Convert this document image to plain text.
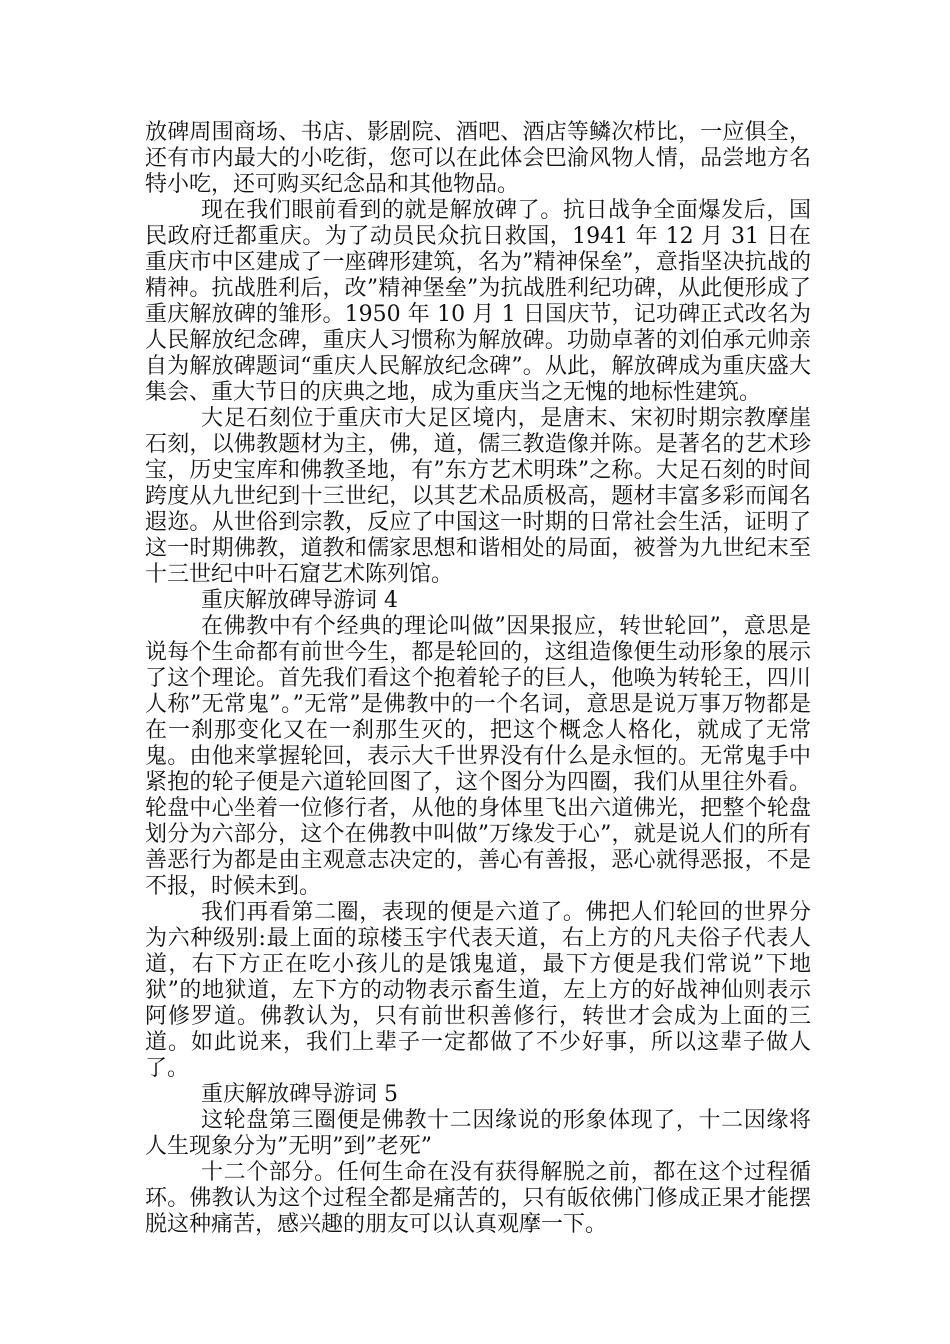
放碑周围商场、书店、影剧院、酒吧、酒店等鳞次栉比，一应俱全，还有市内最大的小吃街，您可以在此体会巴渝风物人情，品尝地方名特小吃，还可购买纪念品和其他物品。

现在我们眼前看到的就是解放碑了。抗日战争全面爆发后，国民政府迁都重庆。为了动员民众抗日救国，1941 年 12 月 31 日在重庆市中区建成了一座碑形建筑，名为”精神保垒”，意指坚决抗战的精神。抗战胜利后，改”精神堡垒”为抗战胜利纪功碑，从此便形成了重庆解放碑的雏形。1950 年 10 月 1 日国庆节，记功碑正式改名为人民解放纪念碑，重庆人习惯称为解放碑。功勋卓著的刘伯承元帅亲自为解放碑题词“重庆人民解放纪念碑”。从此，解放碑成为重庆盛大集会、重大节日的庆典之地，成为重庆当之无愧的地标性建筑。

大足石刻位于重庆市大足区境内，是唐末、宋初时期宗教摩崖石刻，以佛教题材为主，佛，道，儒三教造像并陈。是著名的艺术珍宝，历史宝库和佛教圣地，有”东方艺术明珠”之称。大足石刻的时间跨度从九世纪到十三世纪，以其艺术品质极高，题材丰富多彩而闻名遐迩。从世俗到宗教，反应了中国这一时期的日常社会生活，证明了这一时期佛教，道教和儒家思想和谐相处的局面，被誉为九世纪末至十三世纪中叶石窟艺术陈列馆。

重庆解放碑导游词 4

在佛教中有个经典的理论叫做”因果报应，转世轮回”，意思是说每个生命都有前世今生，都是轮回的，这组造像便生动形象的展示了这个理论。首先我们看这个抱着轮子的巨人，他唤为转轮王，四川人称”无常鬼”。”无常”是佛教中的一个名词，意思是说万事万物都是在一刹那变化又在一刹那生灭的，把这个概念人格化，就成了无常鬼。由他来掌握轮回，表示大千世界没有什么是永恒的。无常鬼手中紧抱的轮子便是六道轮回图了，这个图分为四圈，我们从里往外看。轮盘中心坐着一位修行者，从他的身体里飞出六道佛光，把整个轮盘划分为六部分，这个在佛教中叫做”万缘发于心”，就是说人们的所有善恶行为都是由主观意志决定的，善心有善报，恶心就得恶报，不是不报，时候未到。

我们再看第二圈，表现的便是六道了。佛把人们轮回的世界分为六种级别:最上面的琼楼玉宇代表天道，右上方的凡夫俗子代表人道，右下方正在吃小孩儿的是饿鬼道，最下方便是我们常说”下地狱”的地狱道，左下方的动物表示畜生道，左上方的好战神仙则表示阿修罗道。佛教认为，只有前世积善修行，转世才会成为上面的三道。如此说来，我们上辈子一定都做了不少好事，所以这辈子做人了。

重庆解放碑导游词 5

这轮盘第三圈便是佛教十二因缘说的形象体现了，十二因缘将人生现象分为”无明”到”老死”

十二个部分。任何生命在没有获得解脱之前，都在这个过程循环。佛教认为这个过程全都是痛苦的，只有皈依佛门修成正果才能摆脱这种痛苦，感兴趣的朋友可以认真观摩一下。
